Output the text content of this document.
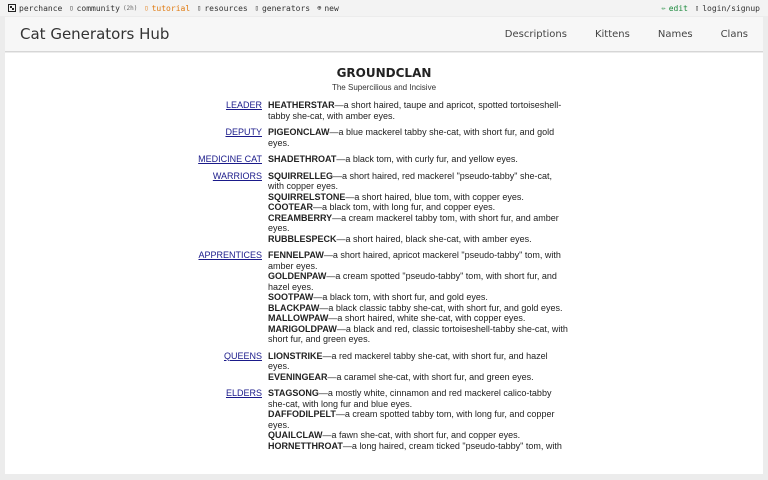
perchance ▯ community (2h) ▯ tutorial ▯ resources ▯ generators ⊕ new	✏ edit ▯ login/signup
Cat Generators Hub	Descriptions	Kittens	Names	Clans
GROUNDCLAN
The Supercilious and Incisive
LEADER HEATHERSTAR—a short haired, taupe and apricot, spotted tortoiseshell-tabby she-cat, with amber eyes.
DEPUTY PIGEONCLAW—a blue mackerel tabby she-cat, with short fur, and gold eyes.
MEDICINE CAT SHADETHROAT—a black tom, with curly fur, and yellow eyes.
WARRIORS SQUIRRELLEG—a short haired, red mackerel "pseudo-tabby" she-cat, with copper eyes.
SQUIRRELSTONE—a short haired, blue tom, with copper eyes.
COOTEAR—a black tom, with long fur, and copper eyes.
CREAMBERRY—a cream mackerel tabby tom, with short fur, and amber eyes.
RUBBLESPECK—a short haired, black she-cat, with amber eyes.
APPRENTICES FENNELPAW—a short haired, apricot mackerel "pseudo-tabby" tom, with amber eyes.
GOLDENPAW—a cream spotted "pseudo-tabby" tom, with short fur, and hazel eyes.
SOOTPAW—a black tom, with short fur, and gold eyes.
BLACKPAW—a black classic tabby she-cat, with short fur, and gold eyes.
MALLOWPAW—a short haired, white she-cat, with copper eyes.
MARIGOLDPAW—a black and red, classic tortoiseshell-tabby she-cat, with short fur, and green eyes.
QUEENS LIONSTRIKE—a red mackerel tabby she-cat, with short fur, and hazel eyes.
EVENINGEAR—a caramel she-cat, with short fur, and green eyes.
ELDERS STAGSONG—a mostly white, cinnamon and red mackerel calico-tabby she-cat, with long fur and blue eyes.
DAFFODILPELT—a cream spotted tabby tom, with long fur, and copper eyes.
QUAILCLAW—a fawn she-cat, with short fur, and copper eyes.
HORNETTHROAT—a long haired, cream ticked "pseudo-tabby" tom, with
